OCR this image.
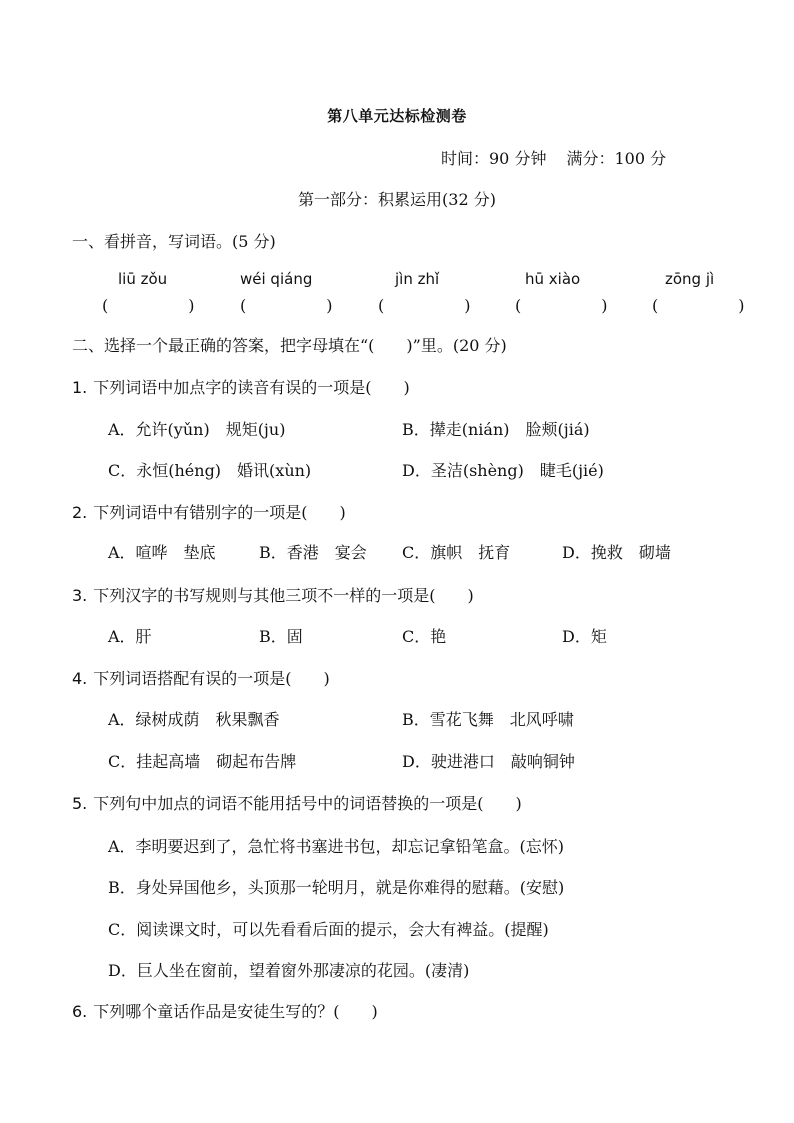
第八单元达标检测卷
时间：90 分钟 满分：100 分
第一部分：积累运用(32 分)
一、看拼音，写词语。(5 分)
liū zǒu	wéi qiáng	jìn zhǐ	hū xiào	zōng jì
(　　　　　)	(　　　　　)	(　　　　　)	(　　　　　)	(　　　　　)
二、选择一个最正确的答案，把字母填在“(　　)”里。(20 分)
1. 下列词语中加点字的读音有误的一项是(　　)
A．允许(yǔn)　规矩(ju)	B．撵走(nián)　脸颊(jiá)
C．永恒(héng)　婚讯(xùn)	D．圣洁(shèng)　睫毛(jié)
2. 下列词语中有错别字的一项是(　　)
A．喧哗　垫底	B．香港　宴会 C．旗帜　抚育	D．挽救　砌墙
3. 下列汉字的书写规则与其他三项不一样的一项是(　　)
A．肝	B．固	C．艳	D．矩
4. 下列词语搭配有误的一项是(　　)
A．绿树成荫　秋果飘香	B．雪花飞舞　北风呼啸
C．挂起高墙　砌起布告牌	D．驶进港口　敲响铜钟
5. 下列句中加点的词语不能用括号中的词语替换的一项是(　　)
A．李明要迟到了，急忙将书塞进书包，却忘记拿铅笔盒。(忘怀)
B．身处异国他乡，头顶那一轮明月，就是你难得的慰藉。(安慰)
C．阅读课文时，可以先看看后面的提示，会大有裨益。(提醒)
D．巨人坐在窗前，望着窗外那凄凉的花园。(凄清)
6. 下列哪个童话作品是安徒生写的？(　　)
